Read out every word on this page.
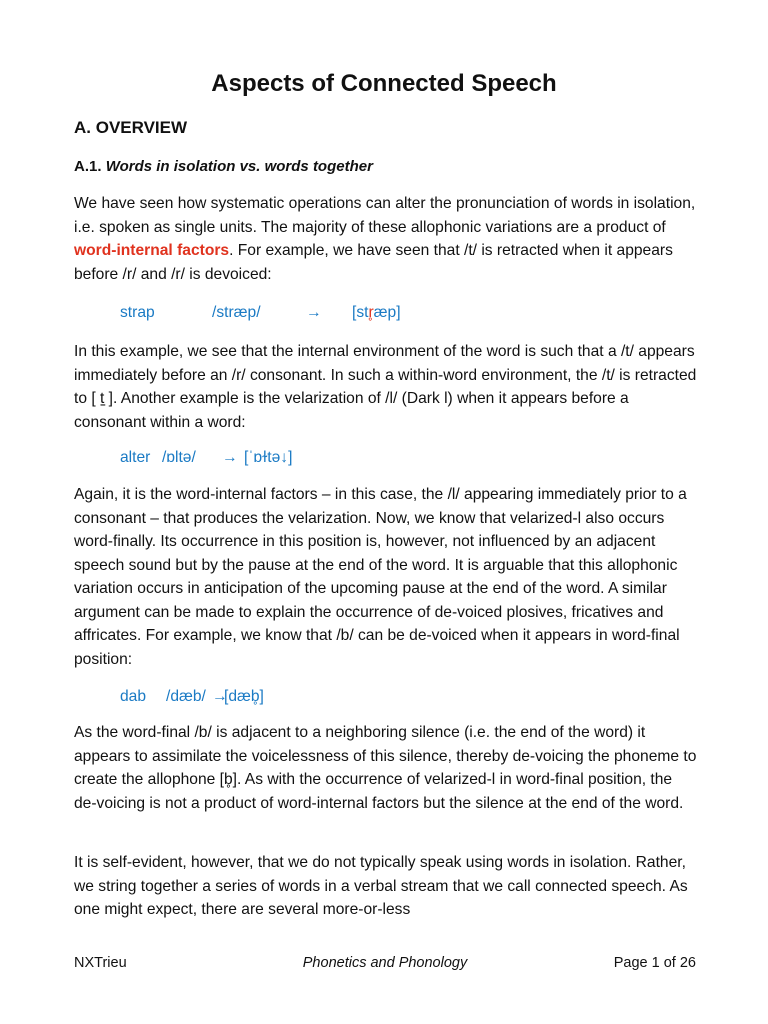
Aspects of Connected Speech
A. OVERVIEW
A.1. Words in isolation vs. words together

We have seen how systematic operations can alter the pronunciation of words in isolation, i.e. spoken as single units. The majority of these allophonic variations are a product of word-internal factors. For example, we have seen that /t/ is retracted when it appears before /r/ and /r/ is devoiced:

strap	/stræp/	→ [str̥æp]

In this example, we see that the internal environment of the word is such that a /t/ appears immediately before an /r/ consonant. In such a within-word environment, the /t/ is retracted to [ t̠ ]. Another example is the velarization of /l/ (Dark l) when it appears before a consonant within a word:

alter /ɒltə/ → [ˈɒɫtə↓]

Again, it is the word-internal factors – in this case, the /l/ appearing immediately prior to a consonant – that produces the velarization. Now, we know that velarized-l also occurs word-finally. Its occurrence in this position is, however, not influenced by an adjacent speech sound but by the pause at the end of the word. It is arguable that this allophonic variation occurs in anticipation of the upcoming pause at the end of the word. A similar argument can be made to explain the occurrence of de-voiced plosives, fricatives and affricates. For example, we know that /b/ can be de-voiced when it appears in word-final position:

dab /dæb/ →[dæb̥]

As the word-final /b/ is adjacent to a neighboring silence (i.e. the end of the word) it appears to assimilate the voicelessness of this silence, thereby de-voicing the phoneme to create the allophone [b̥]. As with the occurrence of velarized-l in word-final position, the de-voicing is not a product of word-internal factors but the silence at the end of the word.

It is self-evident, however, that we do not typically speak using words in isolation. Rather, we string together a series of words in a verbal stream that we call connected speech. As one might expect, there are several more-or-less

NXTrieu	Phonetics and Phonology	Page 1 of 26
